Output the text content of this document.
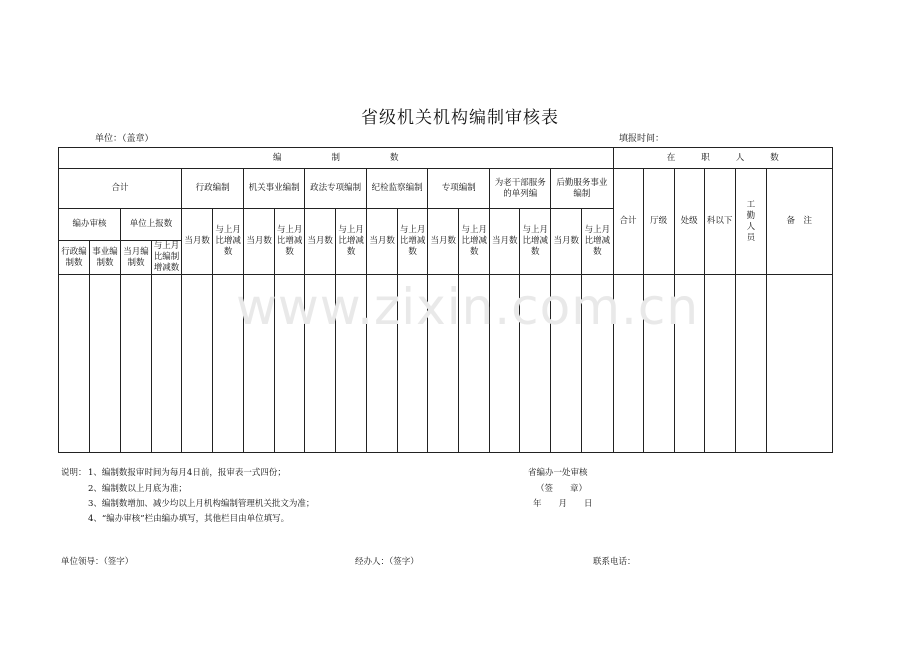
省级机关机构编制审核表
单位：（盖章）	填报时间：
编 制 数																		在 职 人 数					
合计				行政编制		机关事业编制		政法专项编制		纪检监察编制		专项编制		为老干部服务的单列编		后勤服务事业编制		合计	厅级	处级	科以下	工勤人员	备　注
编办审核		单位上报数		当月数	与上月比增减数	当月数	与上月比增减数	当月数	与上月比增减数	当月数	与上月比增减数	当月数	与上月比增减数	当月数	与上月比增减数	当月数	与上月比增减数						
行政编制数	事业编制数	当月编制数	与上月比编制增减数																				

www.zixin.com.cn
说明： 1、编制数报审时间为每月4日前，报审表一式四份；
2、编制数以上月底为准；
3、编制数增加、减少均以上月机构编制管理机关批文为准；
4、“编办审核”栏由编办填写，其他栏目由单位填写。
省编办一处审核
（签　　章）
年　　月　　日
单位领导：（签字）	经办人：（签字）	联系电话：
